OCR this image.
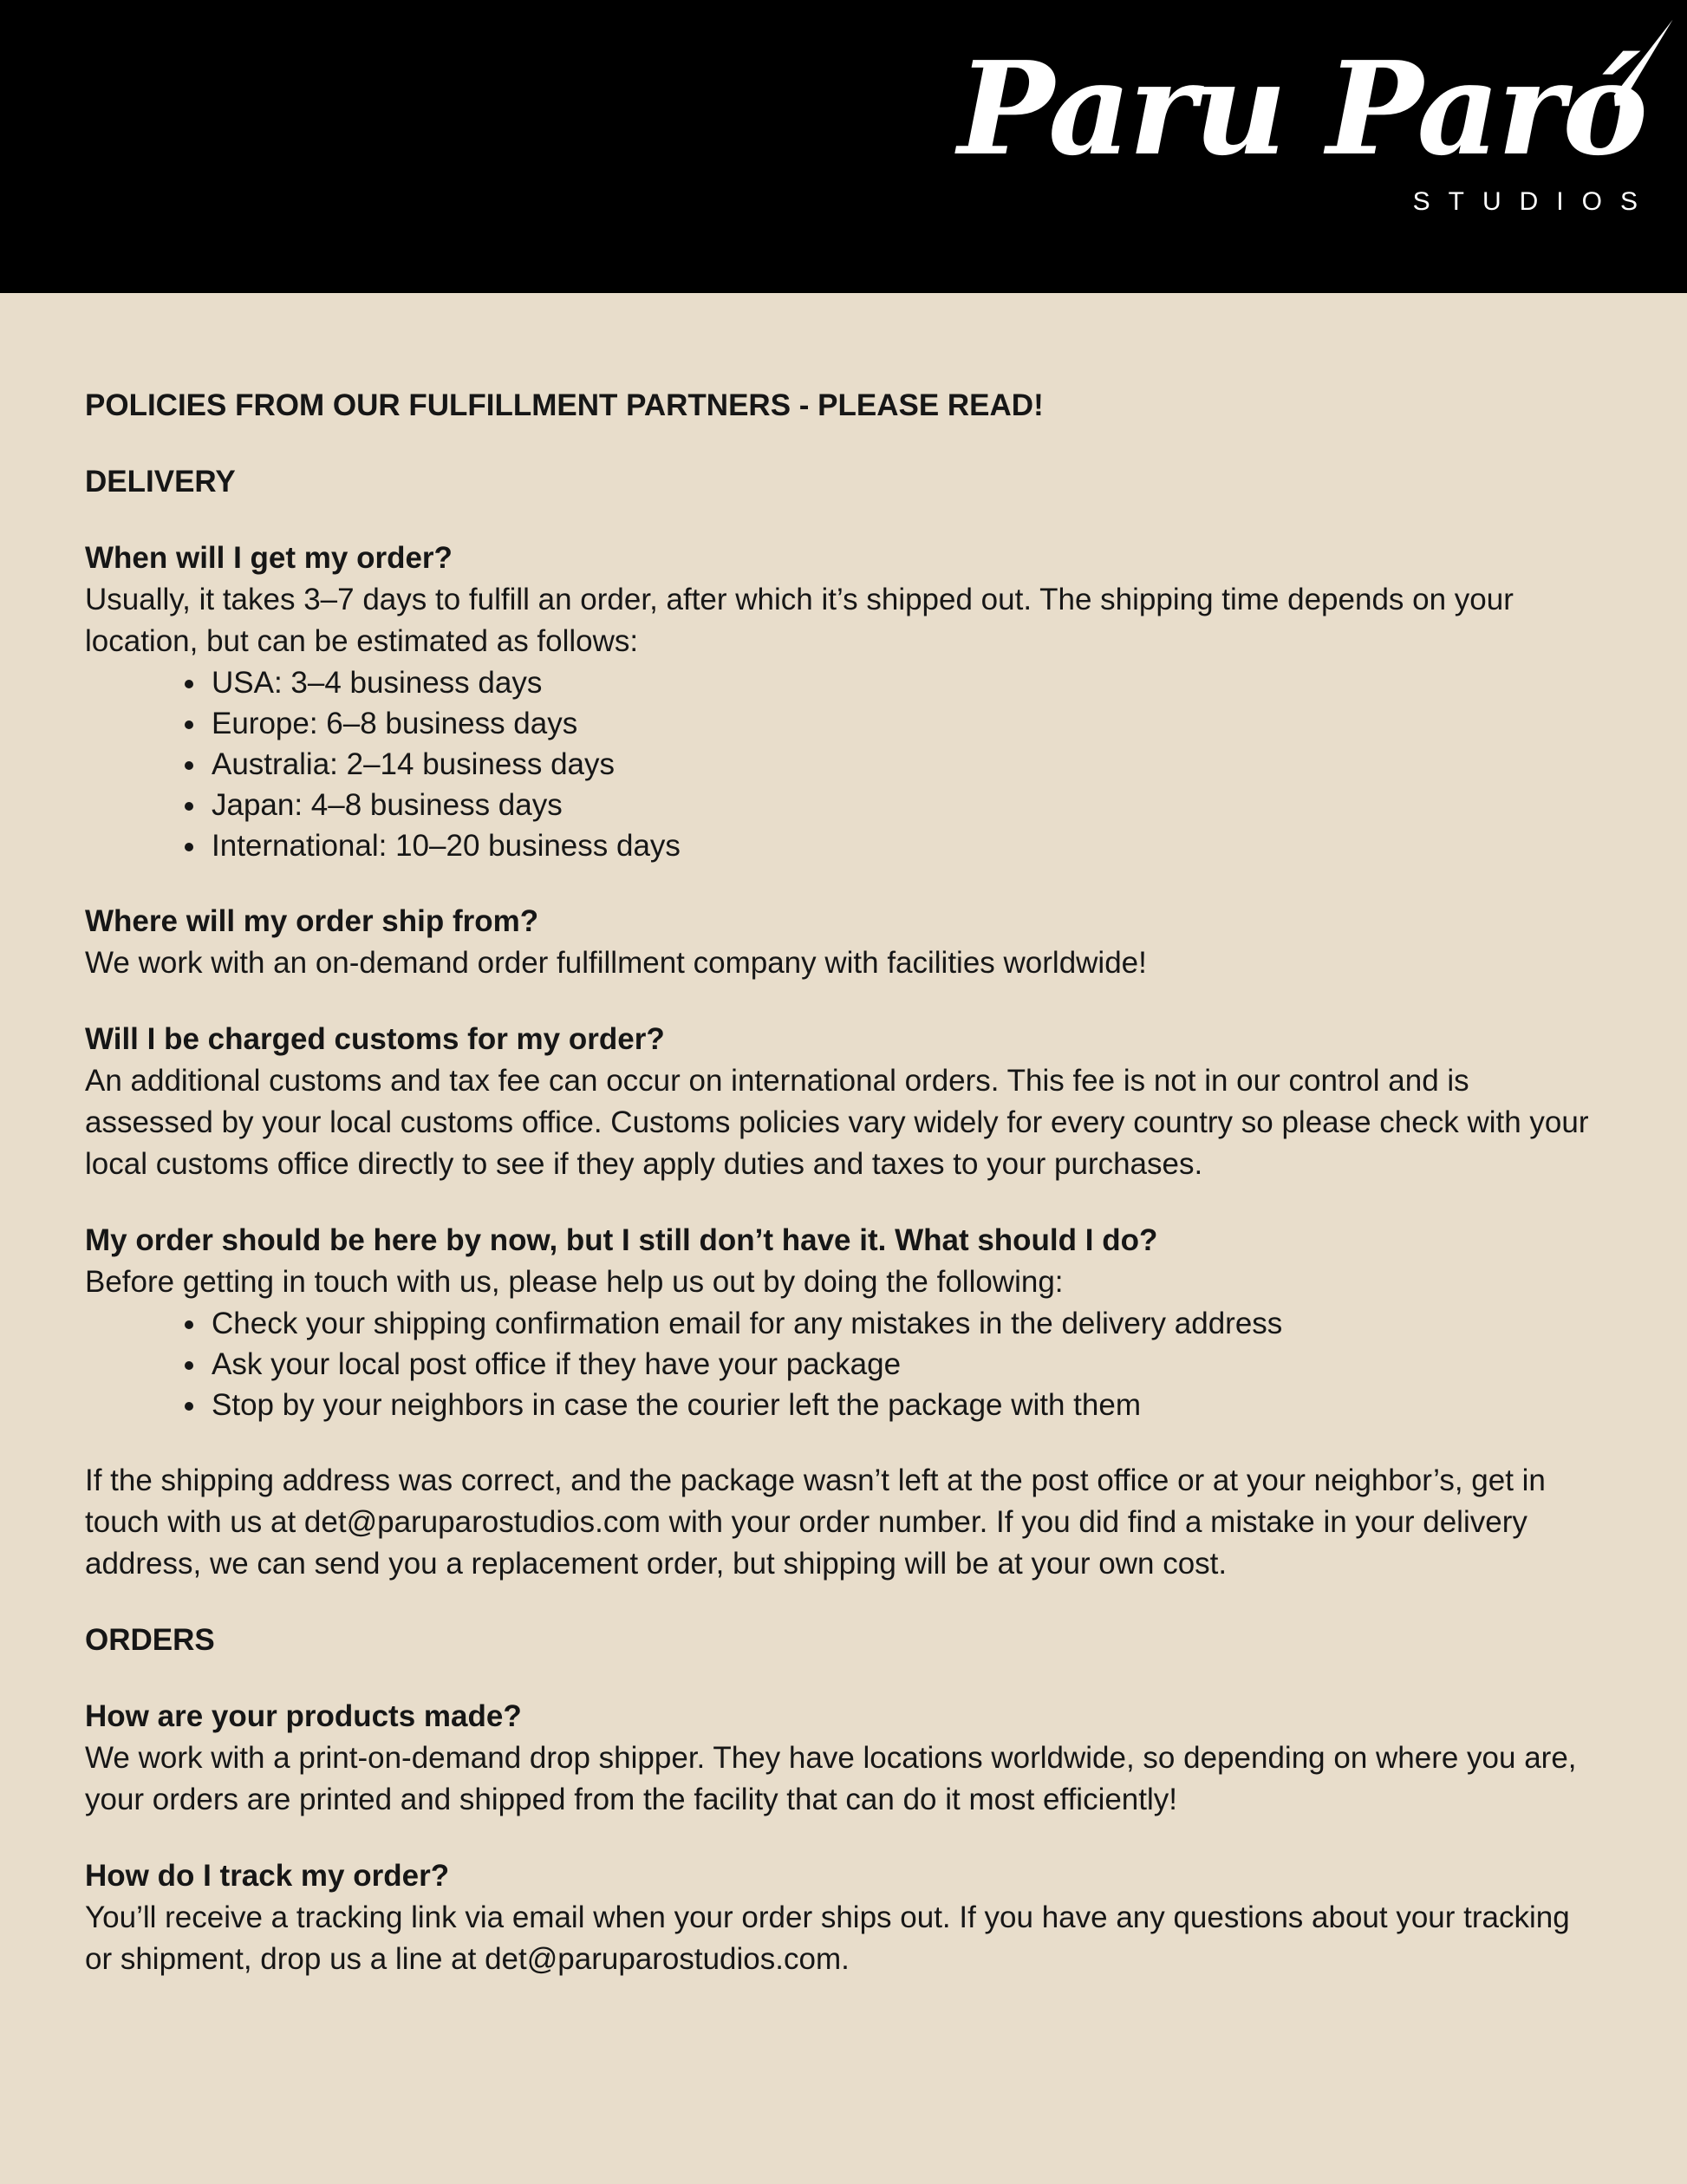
Paru Paró
STUDIOS

POLICIES FROM OUR FULFILLMENT PARTNERS - PLEASE READ!

DELIVERY

When will I get my order?

Usually, it takes 3–7 days to fulfill an order, after which it’s shipped out. The shipping time depends on your location, but can be estimated as follows:

• USA: 3–4 business days
• Europe: 6–8 business days
• Australia: 2–14 business days
• Japan: 4–8 business days
• International: 10–20 business days

Where will my order ship from?

We work with an on-demand order fulfillment company with facilities worldwide!

Will I be charged customs for my order?

An additional customs and tax fee can occur on international orders. This fee is not in our control and is assessed by your local customs office. Customs policies vary widely for every country so please check with your local customs office directly to see if they apply duties and taxes to your purchases.

My order should be here by now, but I still don’t have it. What should I do?

Before getting in touch with us, please help us out by doing the following:

• Check your shipping confirmation email for any mistakes in the delivery address
• Ask your local post office if they have your package
• Stop by your neighbors in case the courier left the package with them

If the shipping address was correct, and the package wasn’t left at the post office or at your neighbor’s, get in touch with us at det@paruparostudios.com with your order number. If you did find a mistake in your delivery address, we can send you a replacement order, but shipping will be at your own cost.

ORDERS

How are your products made?

We work with a print-on-demand drop shipper. They have locations worldwide, so depending on where you are, your orders are printed and shipped from the facility that can do it most efficiently!

How do I track my order?

You’ll receive a tracking link via email when your order ships out. If you have any questions about your tracking or shipment, drop us a line at det@paruparostudios.com.
